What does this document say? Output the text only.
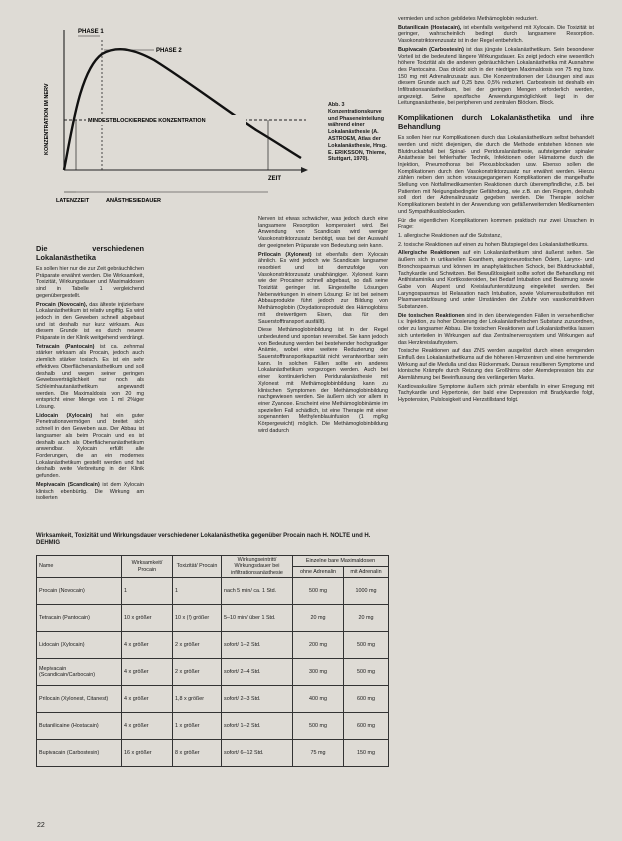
PHASE 1
PHASE 2
KONZENTRATION IM NERV	MINDESTBLOCKIERENDE KONZENTRATION
ZEIT
LATENZZEIT	ANÄSTHESIEDAUER
Abb. 3 Konzentrationskurve und Phaseneinteilung während einer Lokalanästhesie (A. ASTROEM, Atlas der Lokalanästhesie, Hrsg. E. ERIKSSON, Thieme, Stuttgart, 1970).
Die verschiedenen Lokalanästhetika

Es sollen hier nur die zur Zeit gebräuchlichen Präparate erwähnt werden. Die Wirksamkeit, Toxizität, Wirkungsdauer und Maximaldosen sind in Tabelle 1 vergleichend gegenübergestellt.

Procain (Novocain), das älteste injizierbare Lokalanästhetikum ist relativ ungiftig. Es wird jedoch in den Geweben schnell abgebaut und ist deshalb nur kurz wirksam. Aus diesem Grunde ist es durch neuere Präparate in der Klinik weitgehend verdrängt.

Tetracain (Pantocain) ist ca. zehnmal stärker wirksam als Procain, jedoch auch ziemlich stärker toxisch. Es ist ein sehr effektives Oberflächenanästhetikum und soll deshalb und wegen seiner geringen Gewebsverträglichkeit nur noch als Schleimhautanästhetikum angewandt werden. Die Maximaldosis von 20 mg entspricht einer Menge von 1 ml 2%iger Lösung.

Lidocain (Xylocain) hat ein guter Penetrationsvermögen und breitet sich schnell in den Geweben aus. Der Abbau ist langsamer als beim Procain und es ist deshalb auch als Oberflächenanästhetikum anwendbar. Xylocain erfüllt alle Forderungen, die an ein modernes Lokalanästhetikum gestellt werden und hat deshalb weite Verbreitung in der Klinik gefunden.

Mepivacain (Scandicain) ist dem Xylocain klinisch ebenbürtig. Die Wirkung am isolierten

Nerven ist etwas schwächer, was jedoch durch eine langsamere Resorption kompensiert wird. Bei Anwendung von Scandicain wird weniger Vasokonstriktorzusatz benötigt, was bei der Auswahl der geeigneten Präparate von Bedeutung sein kann.

Prilocain (Xylonest) ist ebenfalls dem Xylocain ähnlich. Es wird jedoch wie Scandicain langsamer resorbiert und ist demzufolge von Vasokonstriktorzusatz unabhängiger. Xylonest kann wie der Procainer schnell abgebaut, so daß seine Toxizität geringer ist. Eingestellte Lösungen Nebenwirkungen in einem Lösung: Er ist bei seinem Abbauprodukte führt jedoch zur Bildung von Methämoglobin (Oxydationsprodukt des Hämoglobins mit dreiwertigem Eisen, das für den Sauerstofftransport ausfällt).

Diese Methämoglobinbildung ist in der Regel unbedeutend und spontan reversibel. Sie kann jedoch von Bedeutung werden bei bestehender hochgradiger Anämie, wobei eine weitere Reduzierung der Sauerstofftransportkapazität nicht verantwortbar sein kann. In solchen Fällen sollte ein anderes Lokalanästhetikum vorgezogen werden. Auch bei einer kontinuierlichen Periduralanästhesie mit Xylonest mit Methämoglobinbildung kann zu klinischen Symptomen der Methämoglobinbildung nachgewiesen werden. Sie äußern sich vor allem in einer Zyanose. Erscheint eine Methämoglobinämie im speziellen Fall schädlich, ist eine Therapie mit einer sogenannten Methylenblauinfusion (1 mg/kg Körpergewicht) möglich. Die Methämoglobinbildung wird dadurch

vermieden und schon gebildetes Methämoglobin reduziert.

Butanilicain (Hostacain), ist ebenfalls weitgehend mit Xylocain. Die Toxizität ist geringer, wahrscheinlich bedingt durch langsamere Resorption. Vasokonstriktorenzusatz ist in der Regel entbehrlich.

Bupivacain (Carbostesin) ist das jüngste Lokalanästhetikum. Sein besonderer Vorteil ist die bedeutend längere Wirkungsdauer. Es zeigt jedoch eine wesentlich höhere Toxizität als die anderen gebräuchlichen Lokalanästhetika mit Ausnahme des Pantocains. Das drückt sich in der niedrigen Maximaldosis von 75 mg bzw. 150 mg mit Adrenalinzusatz aus. Die Konzentrationen der Lösungen sind aus diesem Grunde auch auf 0,25 bzw. 0,5% reduziert. Carbostesin ist deshalb ein Infiltrationsanästhetikum, bei der geringen Mengen erforderlich werden, angezeigt. Seine spezifische Anwendungsmöglichkeit liegt in der Leitungsanästhesie, bei peripheren und zentralen Blöcken. Block.

Komplikationen durch Lokalanästhetika und ihre Behandlung

Es sollen hier nur Komplikationen durch das Lokalanästhetikum selbst behandelt werden und nicht diejenigen, die durch die Methode entstehen können wie Blutdruckabfall bei Spinal- und Periduralanästhesie, aufsteigender spinaler Anästhesie bei fehlerhafter Technik, Infektionen oder Hämatome durch die Injektion, Pneumothorax bei Plexusblockaden usw. Ebenso sollen die Komplikationen durch den Vasokonstriktorzusatz nur erwähnt werden. Hierzu zählen neben den schon vorausgegangenen Komplikationen die mangelhafte Stellung von Notfallmedikamenten Reaktionen durch überempfindliche, z.B. bei Patienten mit Neigungsbedingter Gefährdung, wie z.B. an den Fingern, deshalb soll dort der Adrenalinzusatz gegeben werden. Die Therapie solcher Komplikationen besteht in der Anwendung von gefäßerweiternden Medikamenten und Sympathikusblockaden.

Für die eigentlichen Komplikationen kommen praktisch nur zwei Ursachen in Frage:

1. allergische Reaktionen auf die Substanz,

2. toxische Reaktionen auf einen zu hohen Blutspiegel des Lokalanästhetikums.

Allergische Reaktionen auf ein Lokalanästhetikum sind äußerst selten. Sie äußern sich in urtikariellen Exanthem, angioneurotischen Ödem, Larynx- und Bronchospasmus und können im anaphylaktischen Schock, bei Blutdruckabfall, Tachykardie und Schwitzen. Bei Bewußtlosigkeit sollte sofort die Behandlung mit Antihistaminika und Kortikosteroiden, bei Bedarf Intubation und Beatmung sowie Gabe von Alupent und Kreislaufunterstützung eingeleitet werden. Bei Laryngospasmus ist Relaxation nach Intubation, sowie Volumensubstitution mit Plasmaersatzlösung und unter Umständen der Zufuhr von vasokonstriktiven Substanzen.

Die toxischen Reaktionen sind in den überwiegenden Fällen in versehentlicher i.v. Injektion, zu hoher Dosierung der Lokalanästhetischen Substanz zuzuordnen, oder zu langsamer Abbau. Die toxischen Reaktionen auf Lokalanästhetika lassen sich unterteilen in Wirkungen auf das Zentralnervensystem und Wirkungen auf das Herzkreislaufsystem.

Toxische Reaktionen auf das ZNS werden ausgelöst durch einen erregenden Einfluß des Lokalanästhetikums auf die höheren Hirnzentren und eine hemmende Wirkung auf die Medulla und das Rückenmark. Daraus resultieren Symptome und klonische Krämpfe durch Reizung des Großhirns oder Atemdepression bis zur Atemlähmung bei Beeinflussung des verlängerten Marks.

Kardiovaskuläre Symptome äußern sich primär ebenfalls in einer Erregung mit Tachykardie und Hypertonie, der bald eine Depression mit Bradykardie folgt, Hypotension, Pulslosigkeit und Herzstillstand folgt.

Wirksamkeit, Toxizität und Wirkungsdauer verschiedener Lokalanästhetika gegenüber Procain nach H. NOLTE und H. DEHMIG
Name	Wirksamkeit/ Procain	Toxizität/ Procain	Wirkungseintritt/ Wirkungsdauer bei infiltrationsanästhesie	Einzelne bare Maximaldosen	
				ohne Adrenalin	mit Adrenalin
Procain (Novocain)	1	1	nach 5 min/ ca. 1 Std.	500 mg	1000 mg
Tetracain (Pantocain)	10 x größer	10 x (!) größer	5–10 min/ über 1 Std.	20 mg	20 mg
Lidocain (Xylocain)	4 x größer	2 x größer	sofort/ 1–2 Std.	200 mg	500 mg
Mepivacain (Scandicain/Carbocain)	4 x größer	2 x größer	sofort/ 2–4 Std.	300 mg	500 mg
Prilocain (Xylonest, Citanest)	4 x größer	1,8 x größer	sofort/ 2–3 Std.	400 mg	600 mg
Butanilicaine (Hostacain)	4 x größer	1 x größer	sofort/ 1–2 Std.	500 mg	600 mg
Bupivacain (Carbostesin)	16 x größer	8 x größer	sofort/ 6–12 Std.	75 mg	150 mg
22
